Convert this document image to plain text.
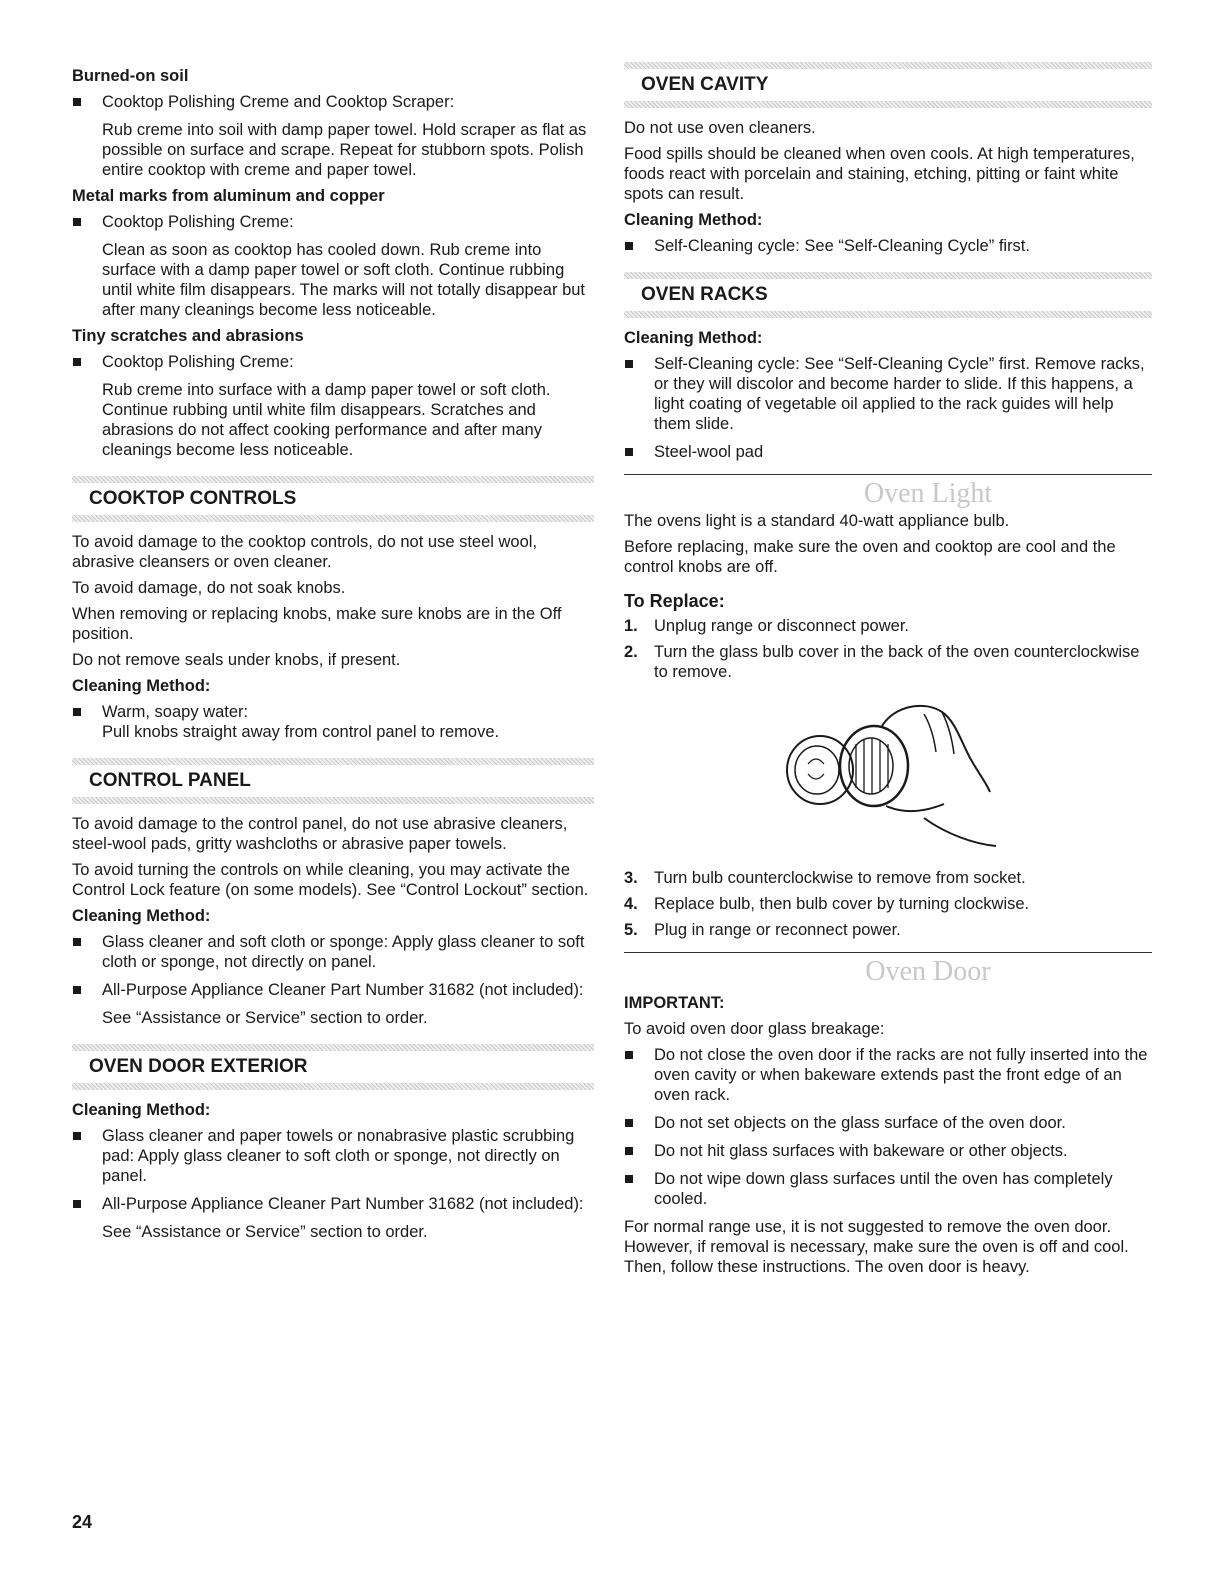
Burned-on soil
Cooktop Polishing Creme and Cooktop Scraper:

Rub creme into soil with damp paper towel. Hold scraper as flat as possible on surface and scrape. Repeat for stubborn spots. Polish entire cooktop with creme and paper towel.

Metal marks from aluminum and copper
Cooktop Polishing Creme:

Clean as soon as cooktop has cooled down. Rub creme into surface with a damp paper towel or soft cloth. Continue rubbing until white film disappears. The marks will not totally disappear but after many cleanings become less noticeable.

Tiny scratches and abrasions
Cooktop Polishing Creme:

Rub creme into surface with a damp paper towel or soft cloth. Continue rubbing until white film disappears. Scratches and abrasions do not affect cooking performance and after many cleanings become less noticeable.

COOKTOP CONTROLS

To avoid damage to the cooktop controls, do not use steel wool, abrasive cleansers or oven cleaner.

To avoid damage, do not soak knobs.

When removing or replacing knobs, make sure knobs are in the Off position.

Do not remove seals under knobs, if present.

Cleaning Method:
Warm, soapy water:
Pull knobs straight away from control panel to remove.
CONTROL PANEL

To avoid damage to the control panel, do not use abrasive cleaners, steel-wool pads, gritty washcloths or abrasive paper towels.

To avoid turning the controls on while cleaning, you may activate the Control Lock feature (on some models). See “Control Lockout” section.

Cleaning Method:
Glass cleaner and soft cloth or sponge: Apply glass cleaner to soft cloth or sponge, not directly on panel.
All-Purpose Appliance Cleaner Part Number 31682 (not included):

See “Assistance or Service” section to order.

OVEN DOOR EXTERIOR
Cleaning Method:
Glass cleaner and paper towels or nonabrasive plastic scrubbing pad: Apply glass cleaner to soft cloth or sponge, not directly on panel.
All-Purpose Appliance Cleaner Part Number 31682 (not included):

See “Assistance or Service” section to order.

OVEN CAVITY

Do not use oven cleaners.

Food spills should be cleaned when oven cools. At high temperatures, foods react with porcelain and staining, etching, pitting or faint white spots can result.

Cleaning Method:
Self-Cleaning cycle: See “Self-Cleaning Cycle” first.
OVEN RACKS
Cleaning Method:
Self-Cleaning cycle: See “Self-Cleaning Cycle” first. Remove racks, or they will discolor and become harder to slide. If this happens, a light coating of vegetable oil applied to the rack guides will help them slide.
Steel-wool pad
Oven Light

The ovens light is a standard 40-watt appliance bulb.

Before replacing, make sure the oven and cooktop are cool and the control knobs are off.

To Replace:
1. Unplug range or disconnect power.
2. Turn the glass bulb cover in the back of the oven counterclockwise to remove.
3. Turn bulb counterclockwise to remove from socket.
4. Replace bulb, then bulb cover by turning clockwise.
5. Plug in range or reconnect power.
Oven Door
IMPORTANT:

To avoid oven door glass breakage:

Do not close the oven door if the racks are not fully inserted into the oven cavity or when bakeware extends past the front edge of an oven rack.
Do not set objects on the glass surface of the oven door.
Do not hit glass surfaces with bakeware or other objects.
Do not wipe down glass surfaces until the oven has completely cooled.

For normal range use, it is not suggested to remove the oven door. However, if removal is necessary, make sure the oven is off and cool. Then, follow these instructions. The oven door is heavy.

24
